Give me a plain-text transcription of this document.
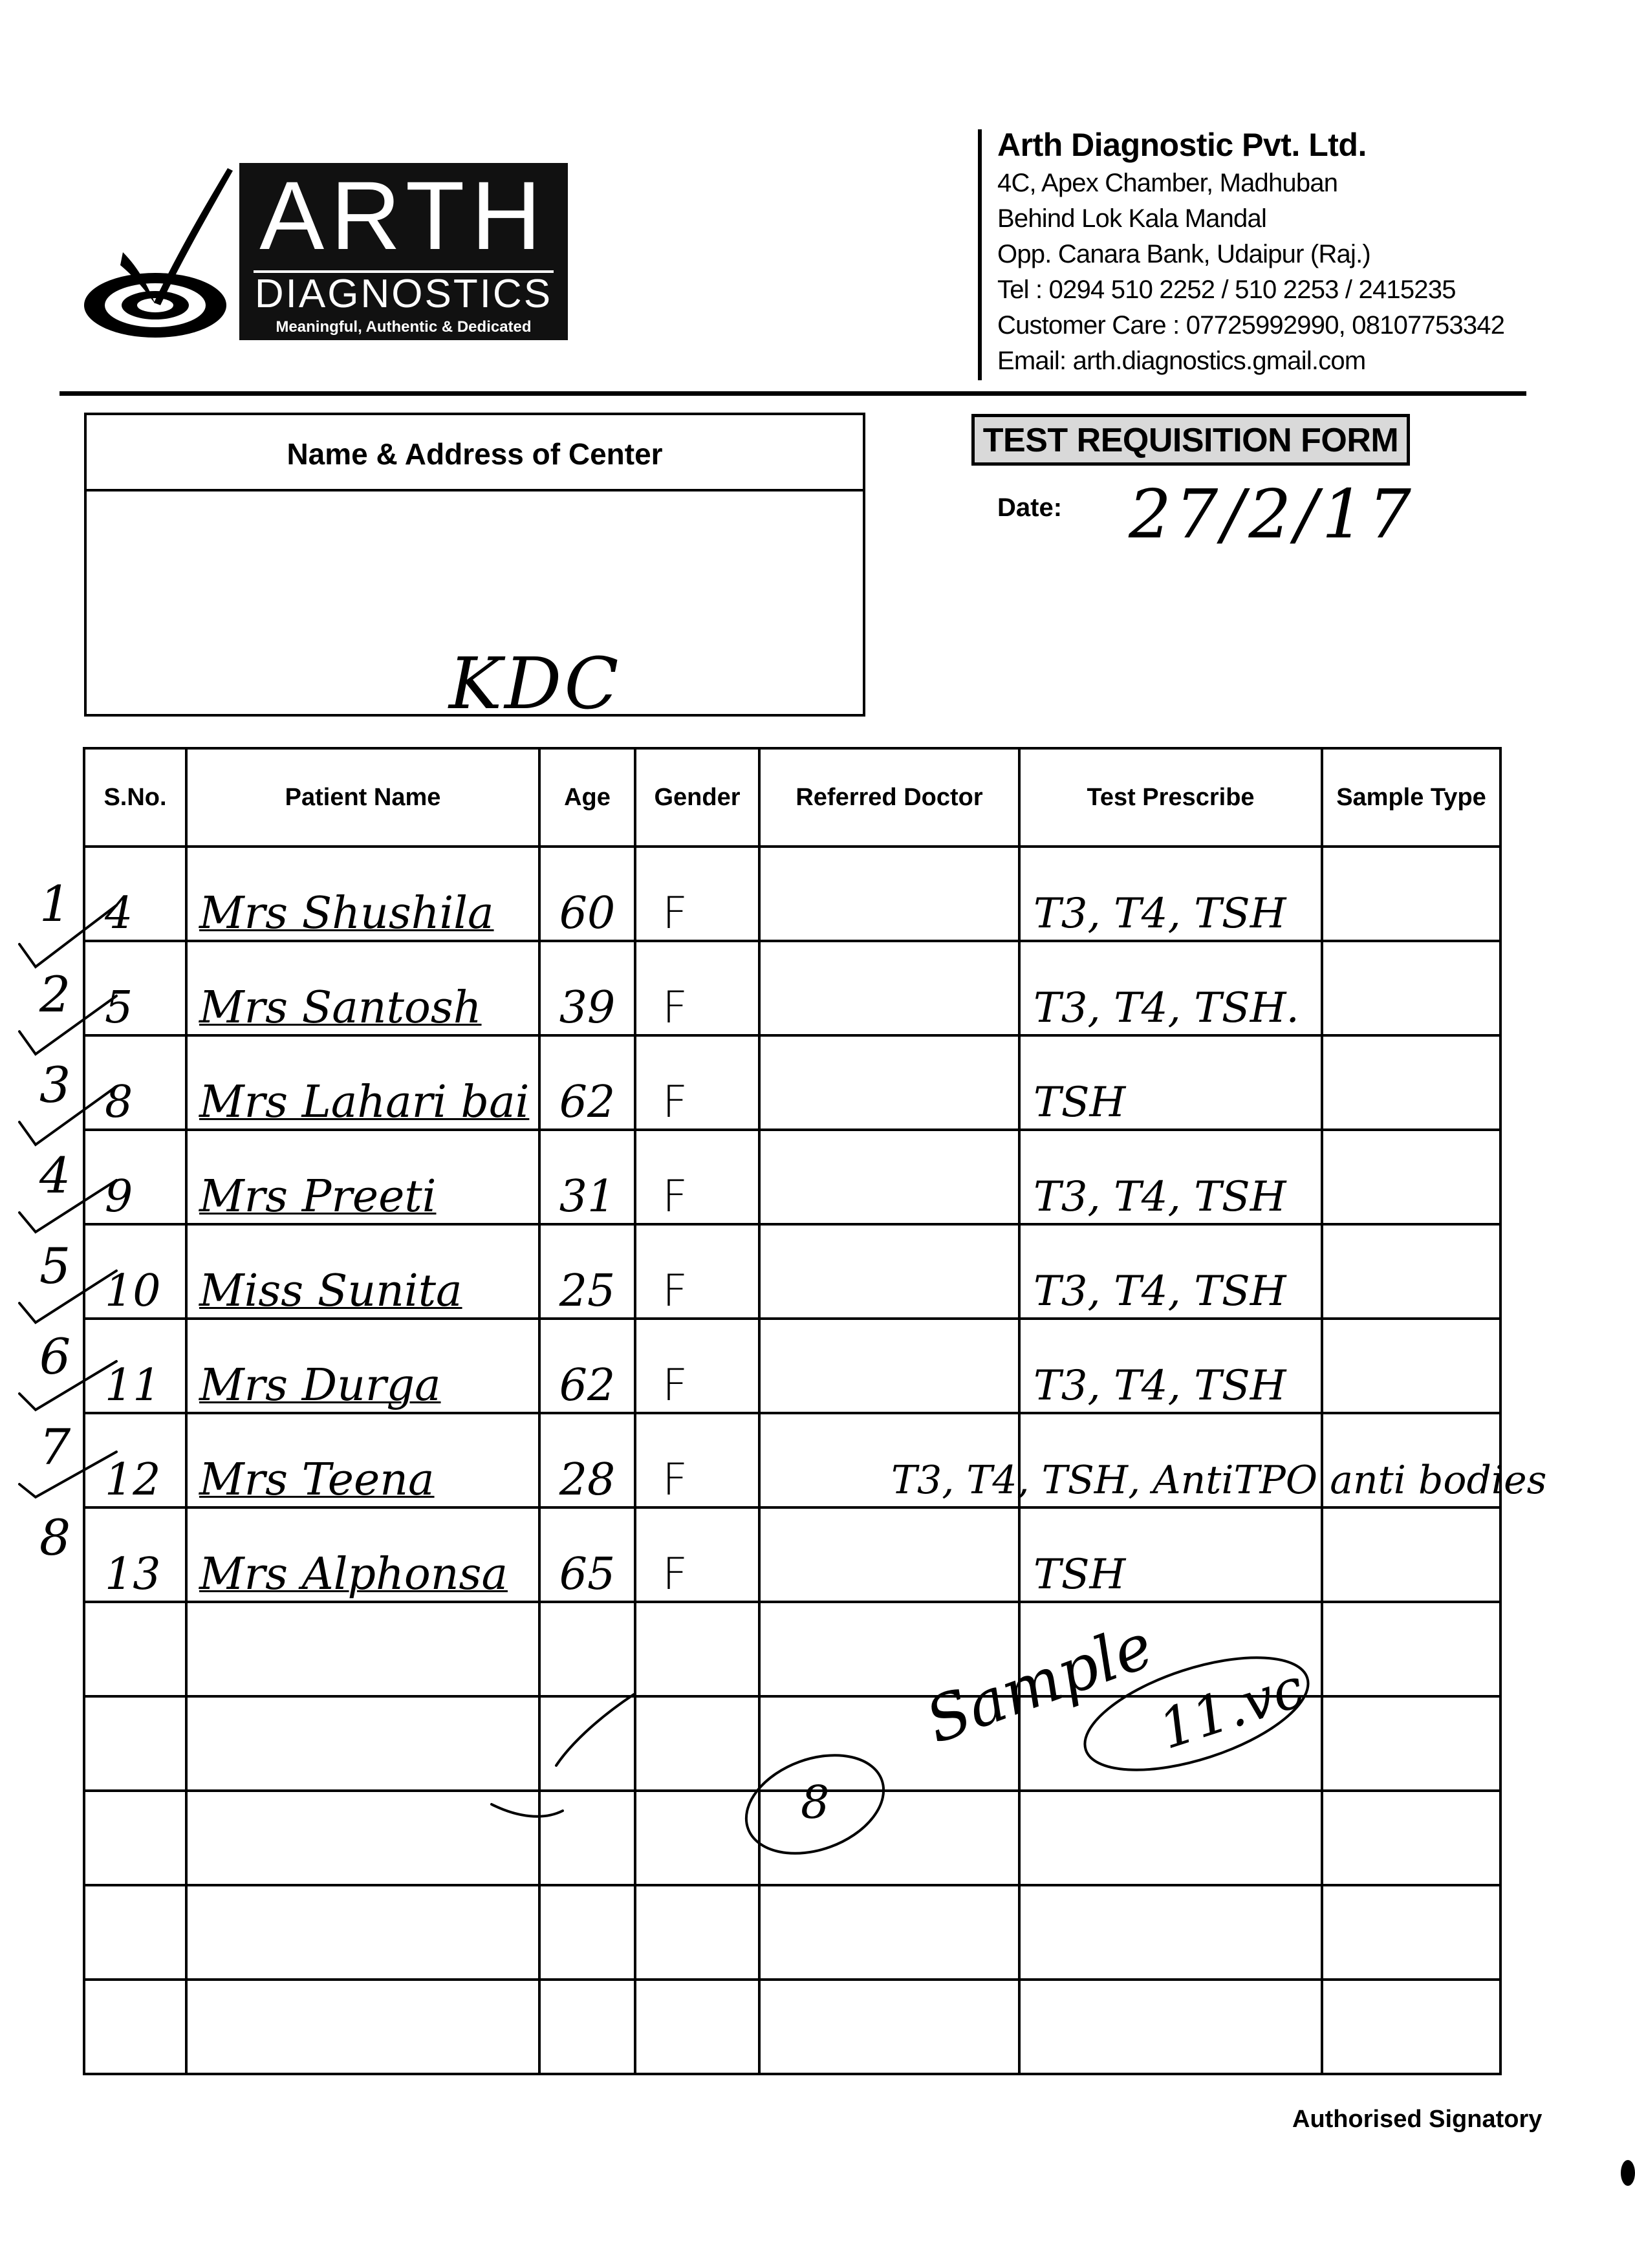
ARTH
DIAGNOSTICS
Meaningful, Authentic & Dedicated
Arth Diagnostic Pvt. Ltd.
4C, Apex Chamber, Madhuban
Behind Lok Kala Mandal
Opp. Canara Bank, Udaipur (Raj.)
Tel : 0294 510 2252 / 510 2253 / 2415235
Customer Care : 07725992990, 08107753342
Email: arth.diagnostics.gmail.com
Name & Address of Center
KDC
TEST REQUISITION FORM
Date: 27/2/17
S.No.	Patient Name	Age	Gender	Referred Doctor	Test Prescribe	Sample Type
4	Mrs Shushila	60	F		T3, T4, TSH	
5	Mrs Santosh	39	F		T3, T4, TSH.	
8	Mrs Lahari bai	62	F		TSH	
9	Mrs Preeti	31	F		T3, T4, TSH	
10	Miss Sunita	25	F		T3, T4, TSH	
11	Mrs Durga	62	F		T3, T4, TSH	
12	Mrs Teena	28	F		T3, T4, TSH, AntiTPO anti bodies	

13	Mrs Alphonsa	65	F		TSH	

1
2
3
4
5
6
7
8
8
Sample
11.vc
Authorised Signatory
